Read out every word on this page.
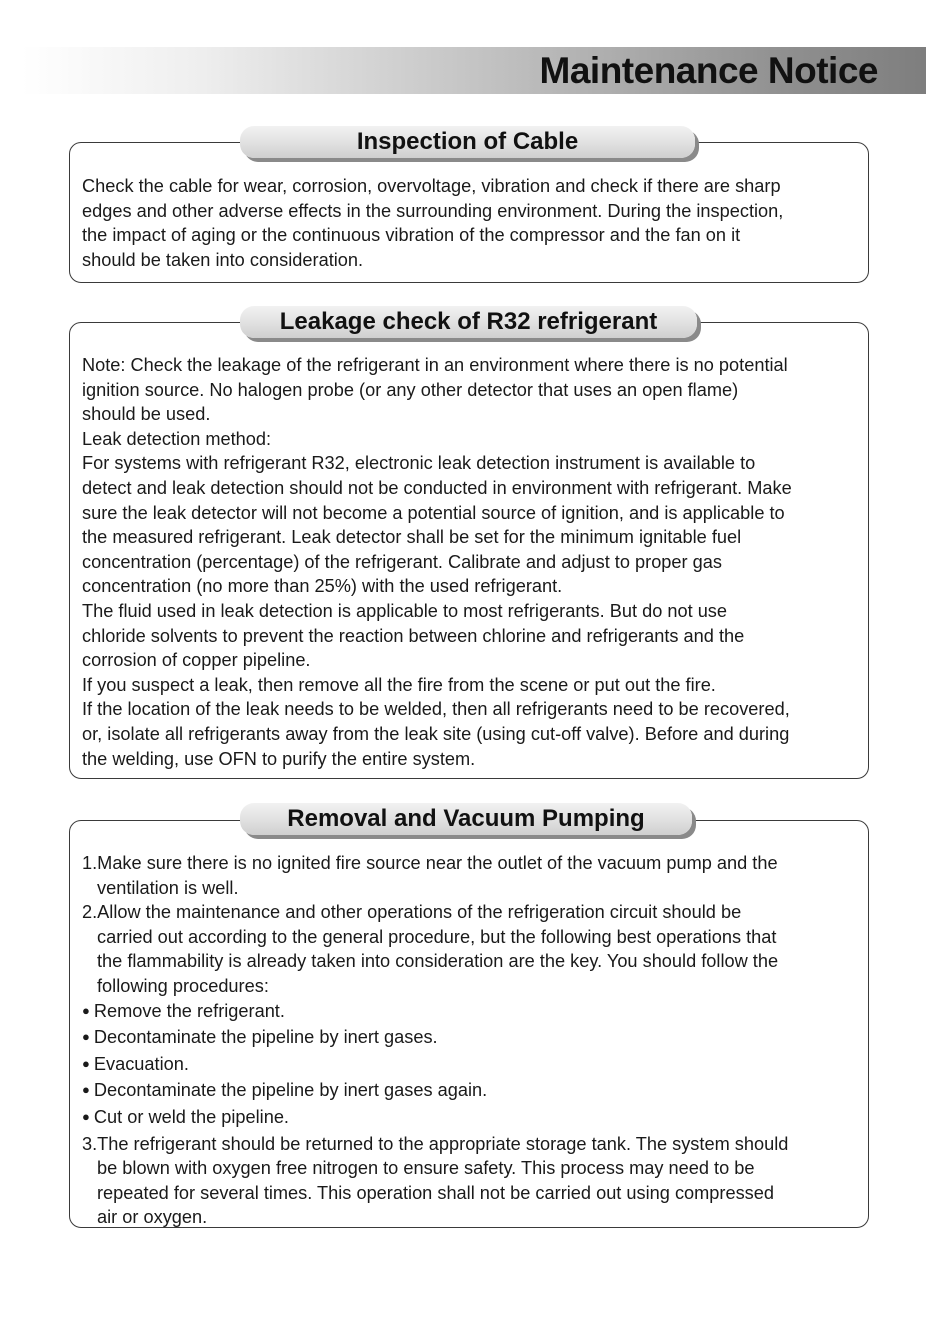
Maintenance Notice
Inspection of Cable

Check the cable for wear, corrosion, overvoltage, vibration and check if there are sharp

edges and other adverse effects in the surrounding environment. During the inspection,

the impact of aging or the continuous vibration of the compressor and the fan on it

should be taken into consideration.

Leakage check of R32 refrigerant

Note: Check the leakage of the refrigerant in an environment where there is no potential

ignition source. No halogen probe (or any other detector that uses an open flame)

should be used.

Leak detection method:

For systems with refrigerant R32, electronic leak detection instrument is available to

detect and leak detection should not be conducted in environment with refrigerant. Make

sure the leak detector will not become a potential source of ignition, and is applicable to

the measured refrigerant. Leak detector shall be set for the minimum ignitable fuel

concentration (percentage) of the refrigerant. Calibrate and adjust to proper gas

concentration (no more than 25%) with the used refrigerant.

The fluid used in leak detection is applicable to most refrigerants. But do not use

chloride solvents to prevent the reaction between chlorine and refrigerants and the

corrosion of copper pipeline.

If you suspect a leak, then remove all the fire from the scene or put out the fire.

If the location of the leak needs to be welded, then all refrigerants need to be recovered,

or, isolate all refrigerants away from the leak site (using cut-off valve). Before and during

the welding, use OFN to purify the entire system.

Removal and Vacuum Pumping

1.Make sure there is no ignited fire source near the outlet of the vacuum pump and the

ventilation is well.

2.Allow the maintenance and other operations of the refrigeration circuit should be

carried out according to the general procedure, but the following best operations that

the flammability is already taken into consideration are the key. You should follow the

following procedures:

● Remove the refrigerant.

● Decontaminate the pipeline by inert gases.

● Evacuation.

● Decontaminate the pipeline by inert gases again.

● Cut or weld the pipeline.

3.The refrigerant should be returned to the appropriate storage tank. The system should

be blown with oxygen free nitrogen to ensure safety. This process may need to be

repeated for several times. This operation shall not be carried out using compressed

air or oxygen.
